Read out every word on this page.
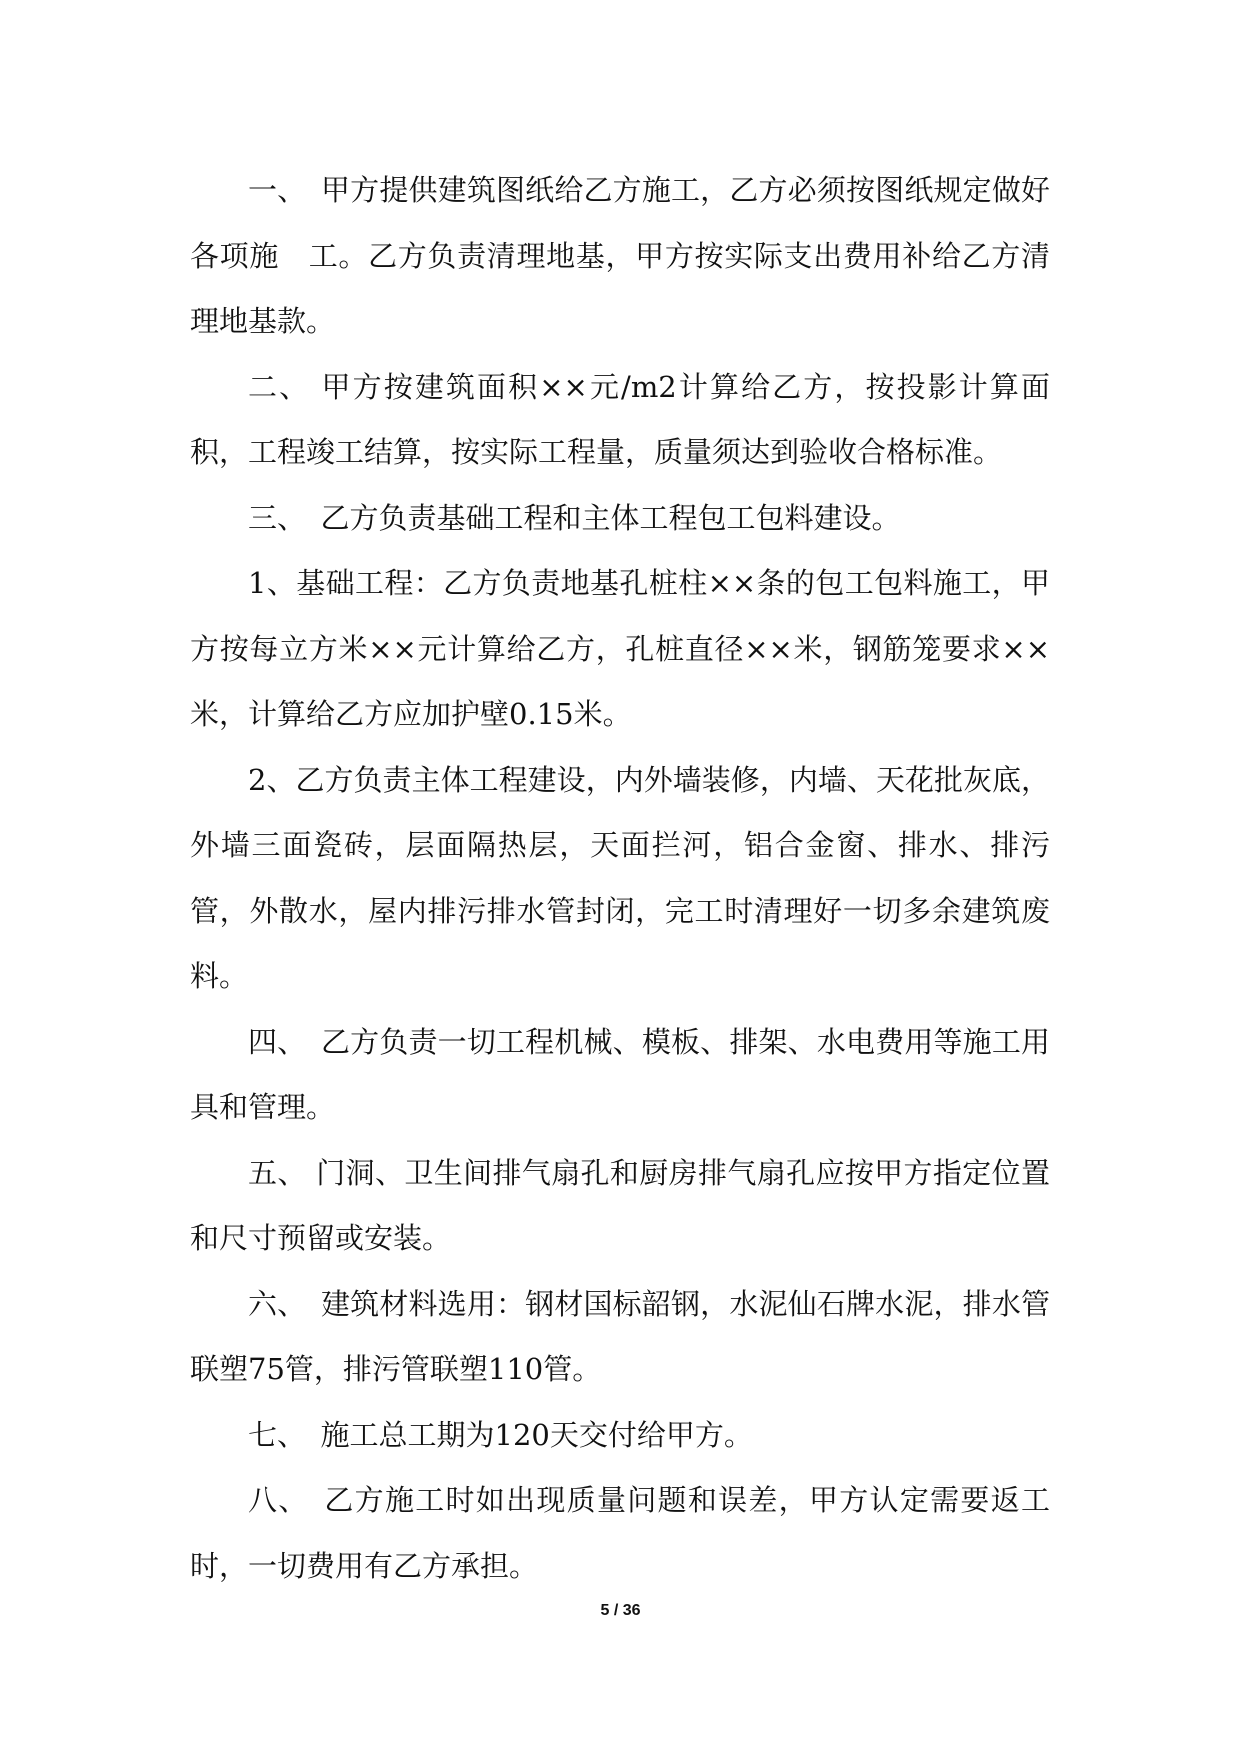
一、　甲方提供建筑图纸给乙方施工，乙方必须按图纸规定做好各项施　工。乙方负责清理地基，甲方按实际支出费用补给乙方清理地基款。

二、 甲方按建筑面积××元/m2计算给乙方，按投影计算面积，工程竣工结算，按实际工程量，质量须达到验收合格标准。

三、　乙方负责基础工程和主体工程包工包料建设。

1、基础工程：乙方负责地基孔桩柱××条的包工包料施工，甲方按每立方米××元计算给乙方，孔桩直径××米，钢筋笼要求××米，计算给乙方应加护壁0.15米。

2、乙方负责主体工程建设，内外墙装修，内墙、天花批灰底，外墙三面瓷砖，层面隔热层，天面拦河，铝合金窗、排水、排污管，外散水，屋内排污排水管封闭，完工时清理好一切多余建筑废料。

四、　乙方负责一切工程机械、模板、排架、水电费用等施工用具和管理。

五、 门洞、卫生间排气扇孔和厨房排气扇孔应按甲方指定位置和尺寸预留或安装。

六、　建筑材料选用：钢材国标韶钢，水泥仙石牌水泥，排水管联塑75管，排污管联塑110管。

七、　施工总工期为120天交付给甲方。

八、　乙方施工时如出现质量问题和误差，甲方认定需要返工时，一切费用有乙方承担。

5 / 36
